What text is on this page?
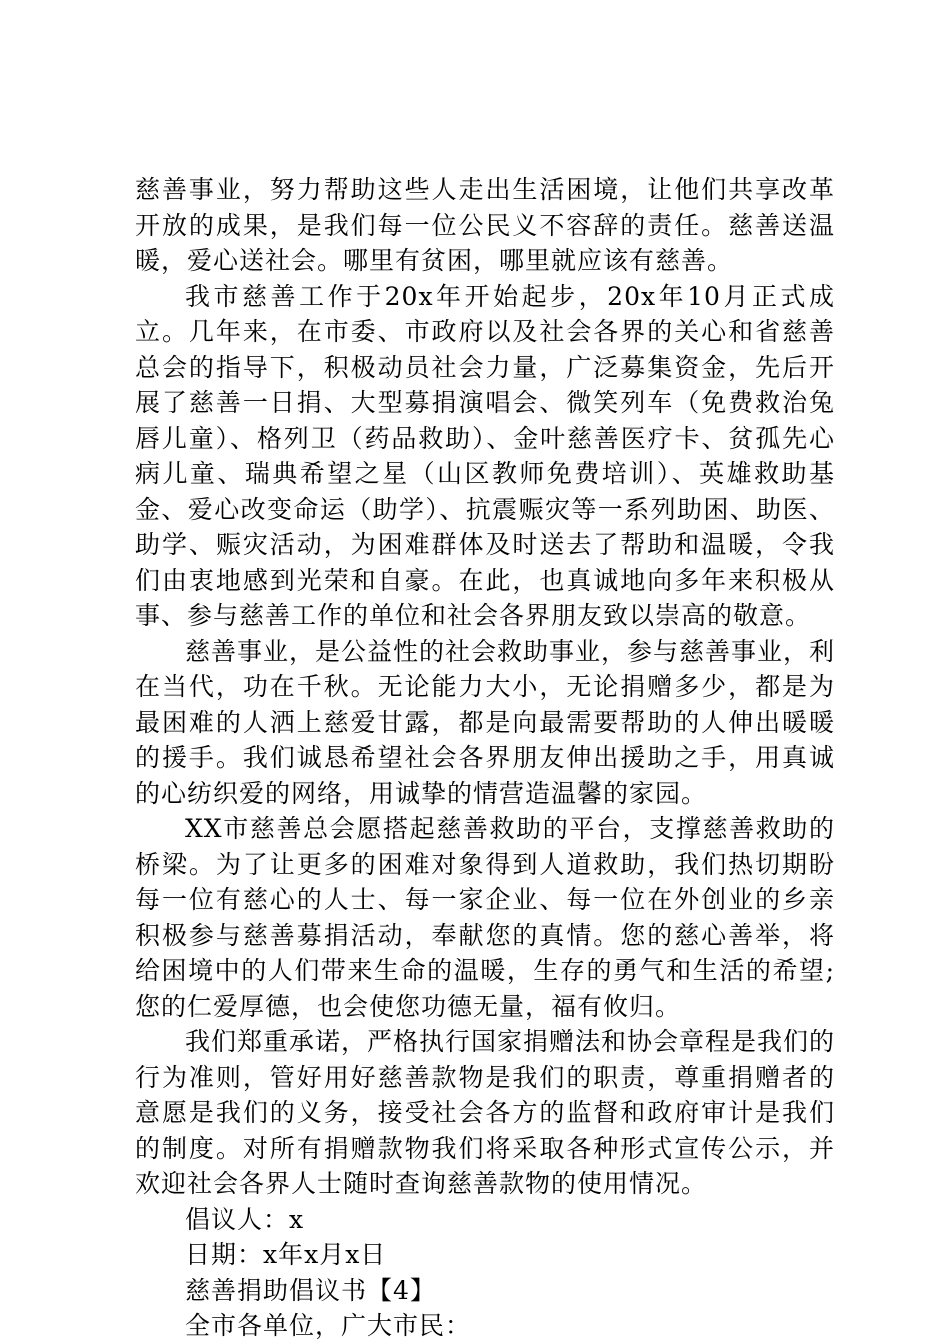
慈善事业，努力帮助这些人走出生活困境，让他们共享改革开放的成果，是我们每一位公民义不容辞的责任。慈善送温暖，爱心送社会。哪里有贫困，哪里就应该有慈善。

我市慈善工作于20x年开始起步，20x年10月正式成立。几年来，在市委、市政府以及社会各界的关心和省慈善总会的指导下，积极动员社会力量，广泛募集资金，先后开展了慈善一日捐、大型募捐演唱会、微笑列车（免费救治兔唇儿童）、格列卫（药品救助）、金叶慈善医疗卡、贫孤先心病儿童、瑞典希望之星（山区教师免费培训）、英雄救助基金、爱心改变命运（助学）、抗震赈灾等一系列助困、助医、助学、赈灾活动，为困难群体及时送去了帮助和温暖，令我们由衷地感到光荣和自豪。在此，也真诚地向多年来积极从事、参与慈善工作的单位和社会各界朋友致以崇高的敬意。

慈善事业，是公益性的社会救助事业，参与慈善事业，利在当代，功在千秋。无论能力大小，无论捐赠多少，都是为最困难的人洒上慈爱甘露，都是向最需要帮助的人伸出暖暖的援手。我们诚恳希望社会各界朋友伸出援助之手，用真诚的心纺织爱的网络，用诚挚的情营造温馨的家园。

XX市慈善总会愿搭起慈善救助的平台，支撑慈善救助的桥梁。为了让更多的困难对象得到人道救助，我们热切期盼每一位有慈心的人士、每一家企业、每一位在外创业的乡亲积极参与慈善募捐活动，奉献您的真情。您的慈心善举，将给困境中的人们带来生命的温暖，生存的勇气和生活的希望;您的仁爱厚德，也会使您功德无量，福有攸归。

我们郑重承诺，严格执行国家捐赠法和协会章程是我们的行为准则，管好用好慈善款物是我们的职责，尊重捐赠者的意愿是我们的义务，接受社会各方的监督和政府审计是我们的制度。对所有捐赠款物我们将采取各种形式宣传公示，并欢迎社会各界人士随时查询慈善款物的使用情况。

倡议人：x

日期：x年x月x日

慈善捐助倡议书【4】

全市各单位，广大市民：
